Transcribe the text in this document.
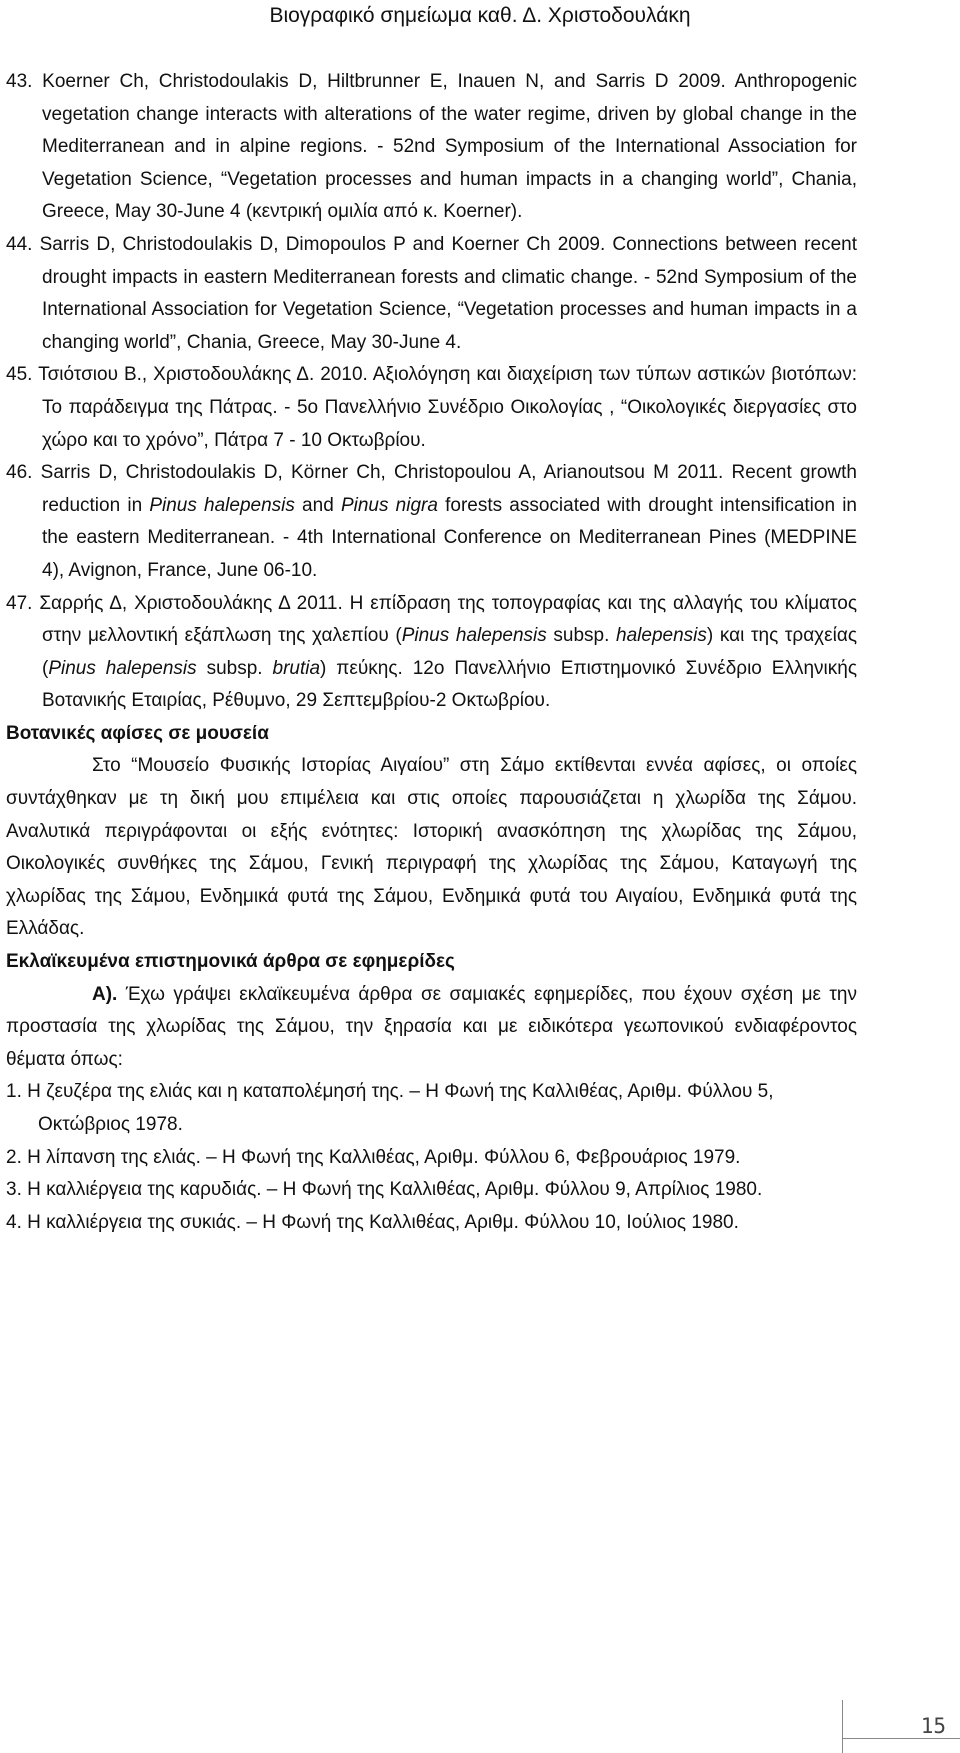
Βιογραφικό σημείωμα καθ. Δ. Χριστοδουλάκη

43. Koerner Ch, Christodoulakis D, Hiltbrunner E, Inauen N, and Sarris D 2009. Anthropogenic vegetation change interacts with alterations of the water regime, driven by global change in the Mediterranean and in alpine regions. - 52nd Symposium of the International Association for Vegetation Science, “Vegetation processes and human impacts in a changing world”, Chania, Greece, May 30-June 4 (κεντρική ομιλία από κ. Koerner).

44. Sarris D, Christodoulakis D, Dimopoulos P and Koerner Ch 2009. Connections between recent drought impacts in eastern Mediterranean forests and climatic change. - 52nd Symposium of the International Association for Vegetation Science, “Vegetation processes and human impacts in a changing world”, Chania, Greece, May 30-June 4.

45. Τσιότσιου Β., Χριστοδουλάκης Δ. 2010. Αξιολόγηση και διαχείριση των τύπων αστικών βιοτόπων: Το παράδειγμα της Πάτρας. - 5ο Πανελλήνιο Συνέδριο Οικολογίας , “Οικολογικές διεργασίες στο χώρο και το χρόνο”, Πάτρα 7 - 10 Οκτωβρίου.

46. Sarris D, Christodoulakis D, Körner Ch, Christopoulou A, Arianoutsou M 2011. Recent growth reduction in Pinus halepensis and Pinus nigra forests associated with drought intensification in the eastern Mediterranean. - 4th International Conference on Mediterranean Pines (MEDPINE 4), Avignon, France, June 06-10.

47. Σαρρής Δ, Χριστοδουλάκης Δ 2011. Η επίδραση της τοπογραφίας και της αλλαγής του κλίματος στην μελλοντική εξάπλωση της χαλεπίου (Pinus halepensis subsp. halepensis) και της τραχείας (Pinus halepensis subsp. brutia) πεύκης. 12ο Πανελλήνιο Επιστημονικό Συνέδριο Ελληνικής Βοτανικής Εταιρίας, Ρέθυμνο, 29 Σεπτεμβρίου-2 Οκτωβρίου.

Βοτανικές αφίσες σε μουσεία

Στο “Μουσείο Φυσικής Ιστορίας Αιγαίου” στη Σάμο εκτίθενται εννέα αφίσες, οι οποίες συντάχθηκαν με τη δική μου επιμέλεια και στις οποίες παρουσιάζεται η χλωρίδα της Σάμου. Αναλυτικά περιγράφονται οι εξής ενότητες: Ιστορική ανασκόπηση της χλωρίδας της Σάμου, Οικολογικές συνθήκες της Σάμου, Γενική περιγραφή της χλωρίδας της Σάμου, Καταγωγή της χλωρίδας της Σάμου, Ενδημικά φυτά της Σάμου, Ενδημικά φυτά του Αιγαίου, Ενδημικά φυτά της Ελλάδας.

Εκλαϊκευμένα επιστημονικά άρθρα σε εφημερίδες

Α). Έχω γράψει εκλαϊκευμένα άρθρα σε σαμιακές εφημερίδες, που έχουν σχέση με την προστασία της χλωρίδας της Σάμου, την ξηρασία και με ειδικότερα γεωπονικού ενδιαφέροντος θέματα όπως:

1. Η ζευζέρα της ελιάς και η καταπολέμησή της. – Η Φωνή της Καλλιθέας, Αριθμ. Φύλλου 5, Οκτώβριος 1978.

2. Η λίπανση της ελιάς. – Η Φωνή της Καλλιθέας, Αριθμ. Φύλλου 6, Φεβρουάριος 1979.

3. Η καλλιέργεια της καρυδιάς. – Η Φωνή της Καλλιθέας, Αριθμ. Φύλλου 9, Απρίλιος 1980.

4. Η καλλιέργεια της συκιάς. – Η Φωνή της Καλλιθέας, Αριθμ. Φύλλου 10, Ιούλιος 1980.

15
